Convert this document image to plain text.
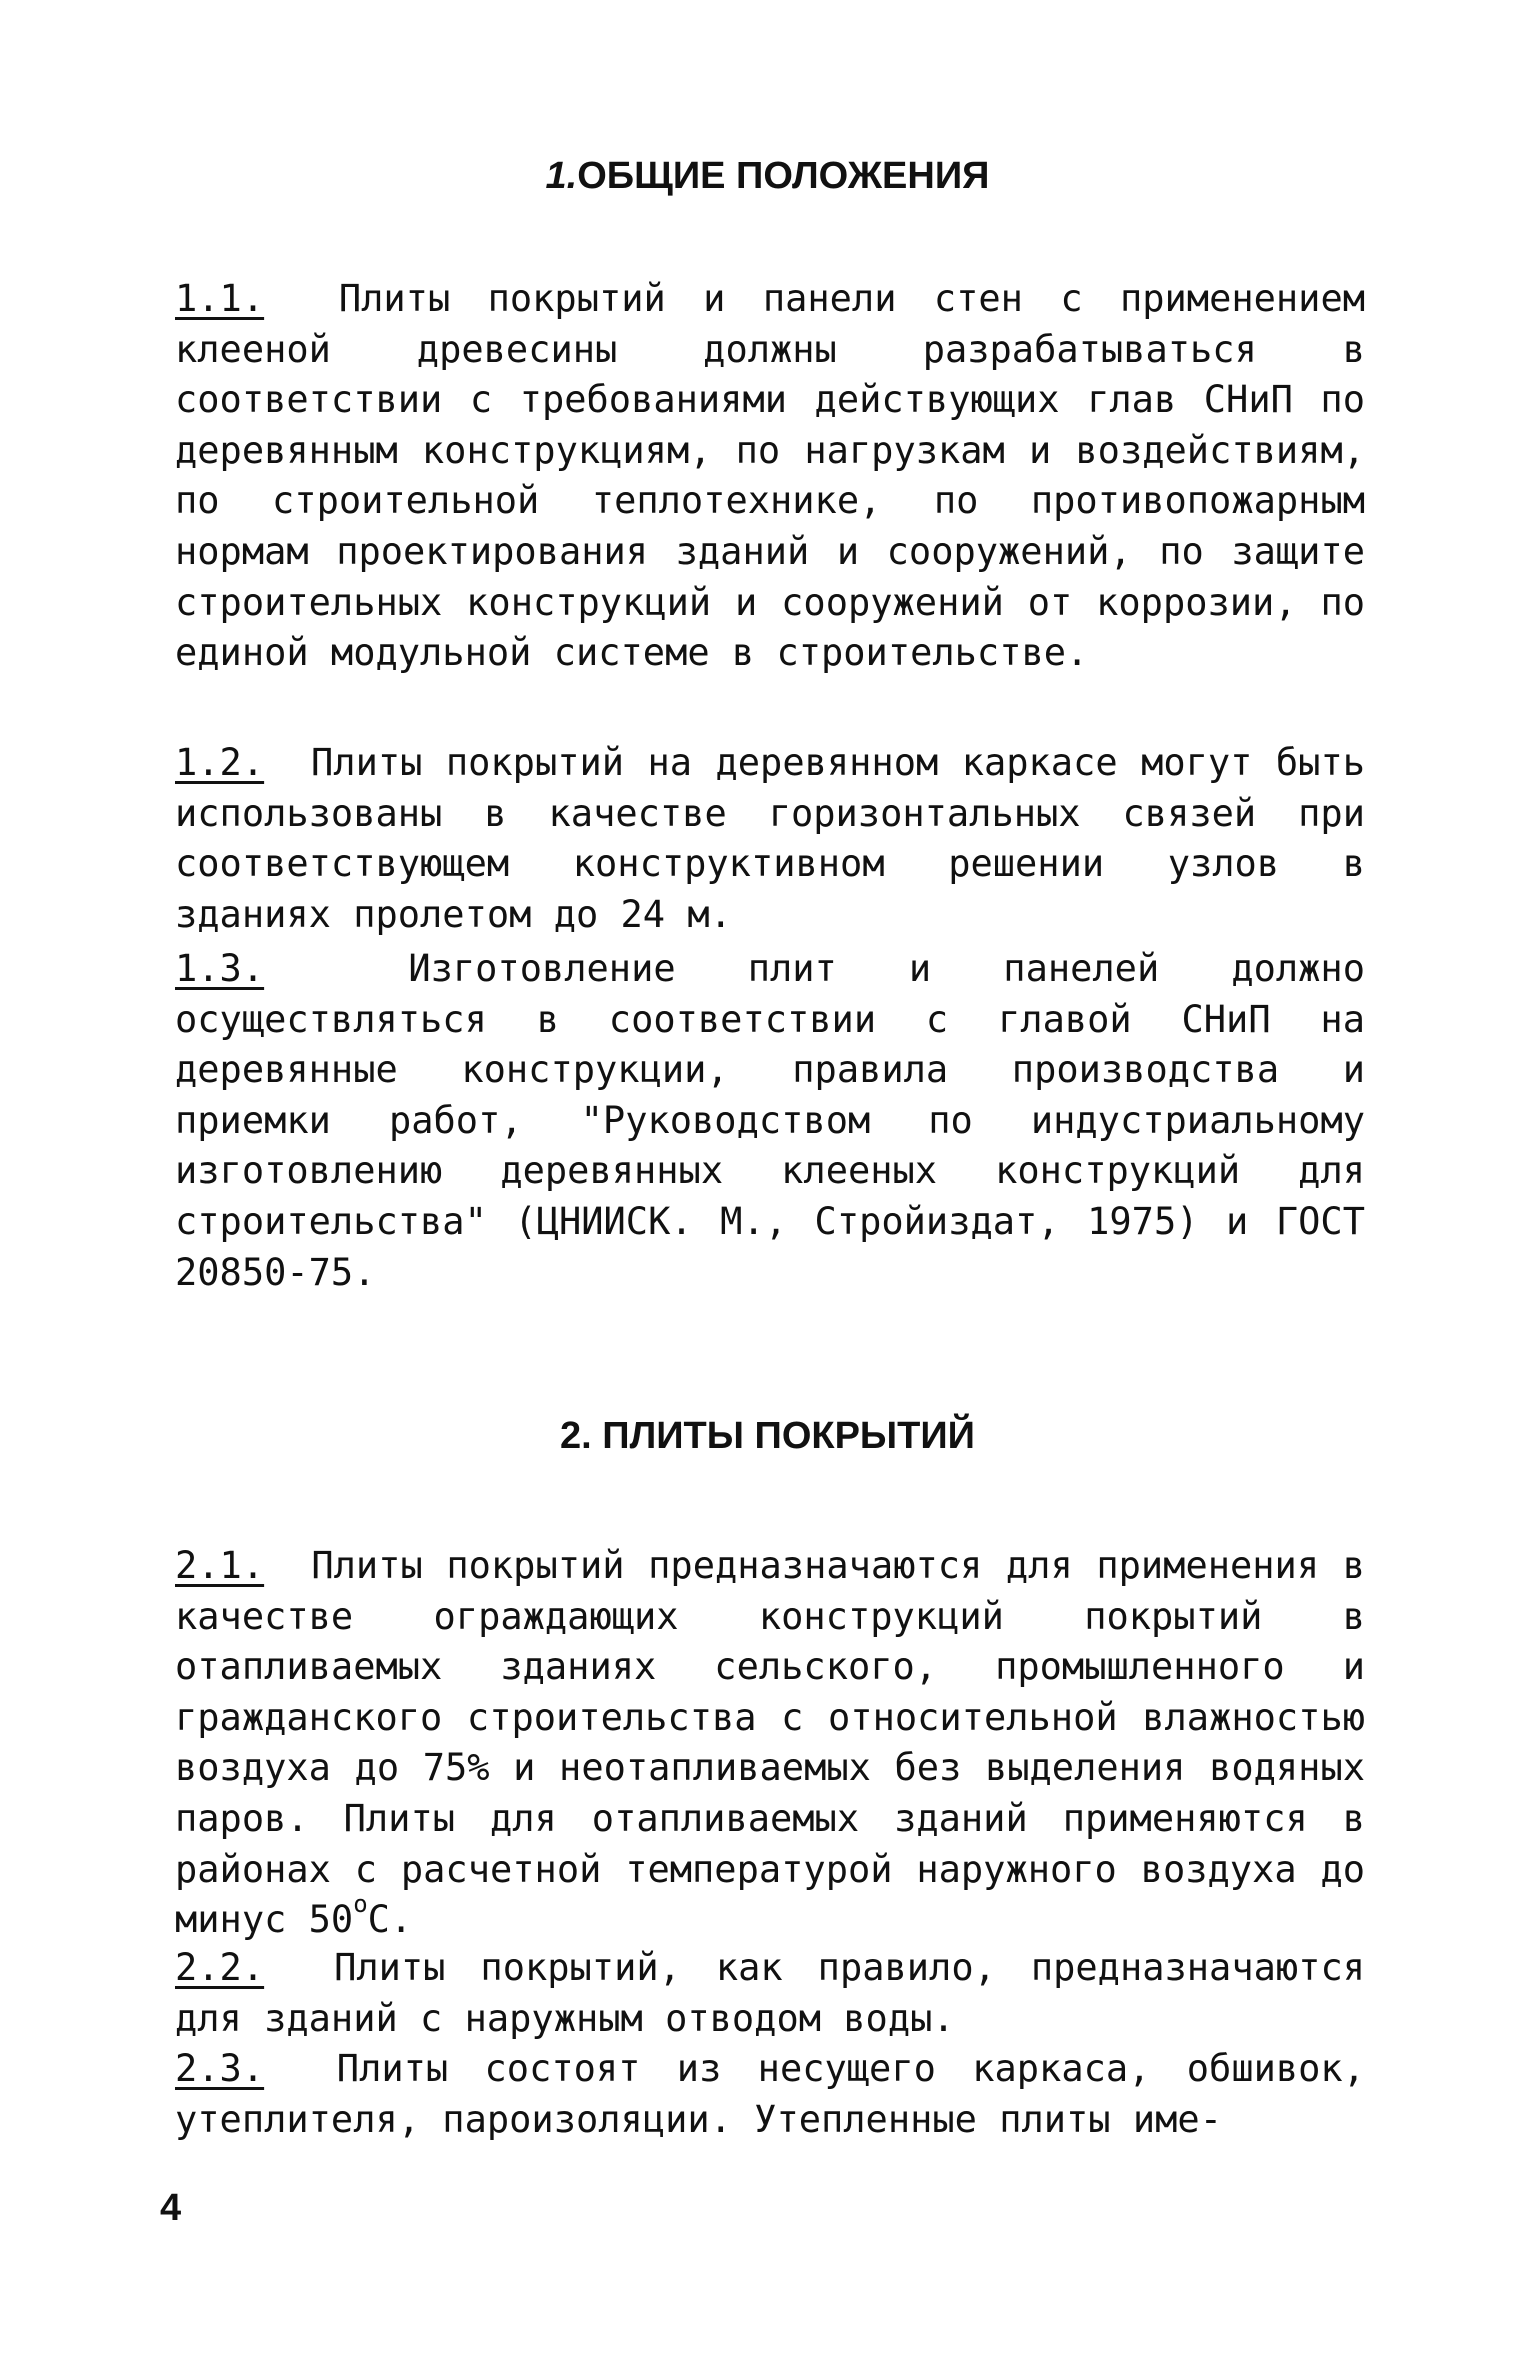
1.ОБЩИЕ ПОЛОЖЕНИЯ

1.1. Плиты покрытий и панели стен с применением клееной древесины должны разрабатываться в соответствии с требованиями действующих глав СНиП по деревянным конструкциям, по нагрузкам и воздействиям, по строительной теплотехнике, по противопожарным нормам проектирования зданий и сооружений, по защите строительных конструкций и сооружений от коррозии, по единой модульной системе в строительстве.

1.2. Плиты покрытий на деревянном каркасе могут быть использованы в качестве горизонтальных связей при соответствующем конструктивном решении узлов в зданиях пролетом до 24 м.

1.3.	Изготовление плит и панелей должно осуществляться в соответствии с главой СНиП на деревянные конструкции, правила производства и приемки работ, "Руководством по индустриальному изготовлению деревянных клееных конструкций для строительства" (ЦНИИСК. М., Стройиздат, 1975) и ГОСТ 20850-75.

2. ПЛИТЫ ПОКРЫТИЙ

2.1. Плиты покрытий предназначаются для применения в качестве ограждающих конструкций покрытий в отапливаемых зданиях сельского, промышленного и гражданского строительства с относительной влажностью воздуха до 75% и неотапливаемых без выделения водяных паров. Плиты для отапливаемых зданий применяются в районах с расчетной температурой наружного воздуха до минус $50^оС$.

2.2. Плиты покрытий, как правило, предназначаются для зданий с наружным отводом воды.

2.3. Плиты состоят из несущего каркаса, обшивок, утеплителя, пароизоляции. Утепленные плиты име-

4
